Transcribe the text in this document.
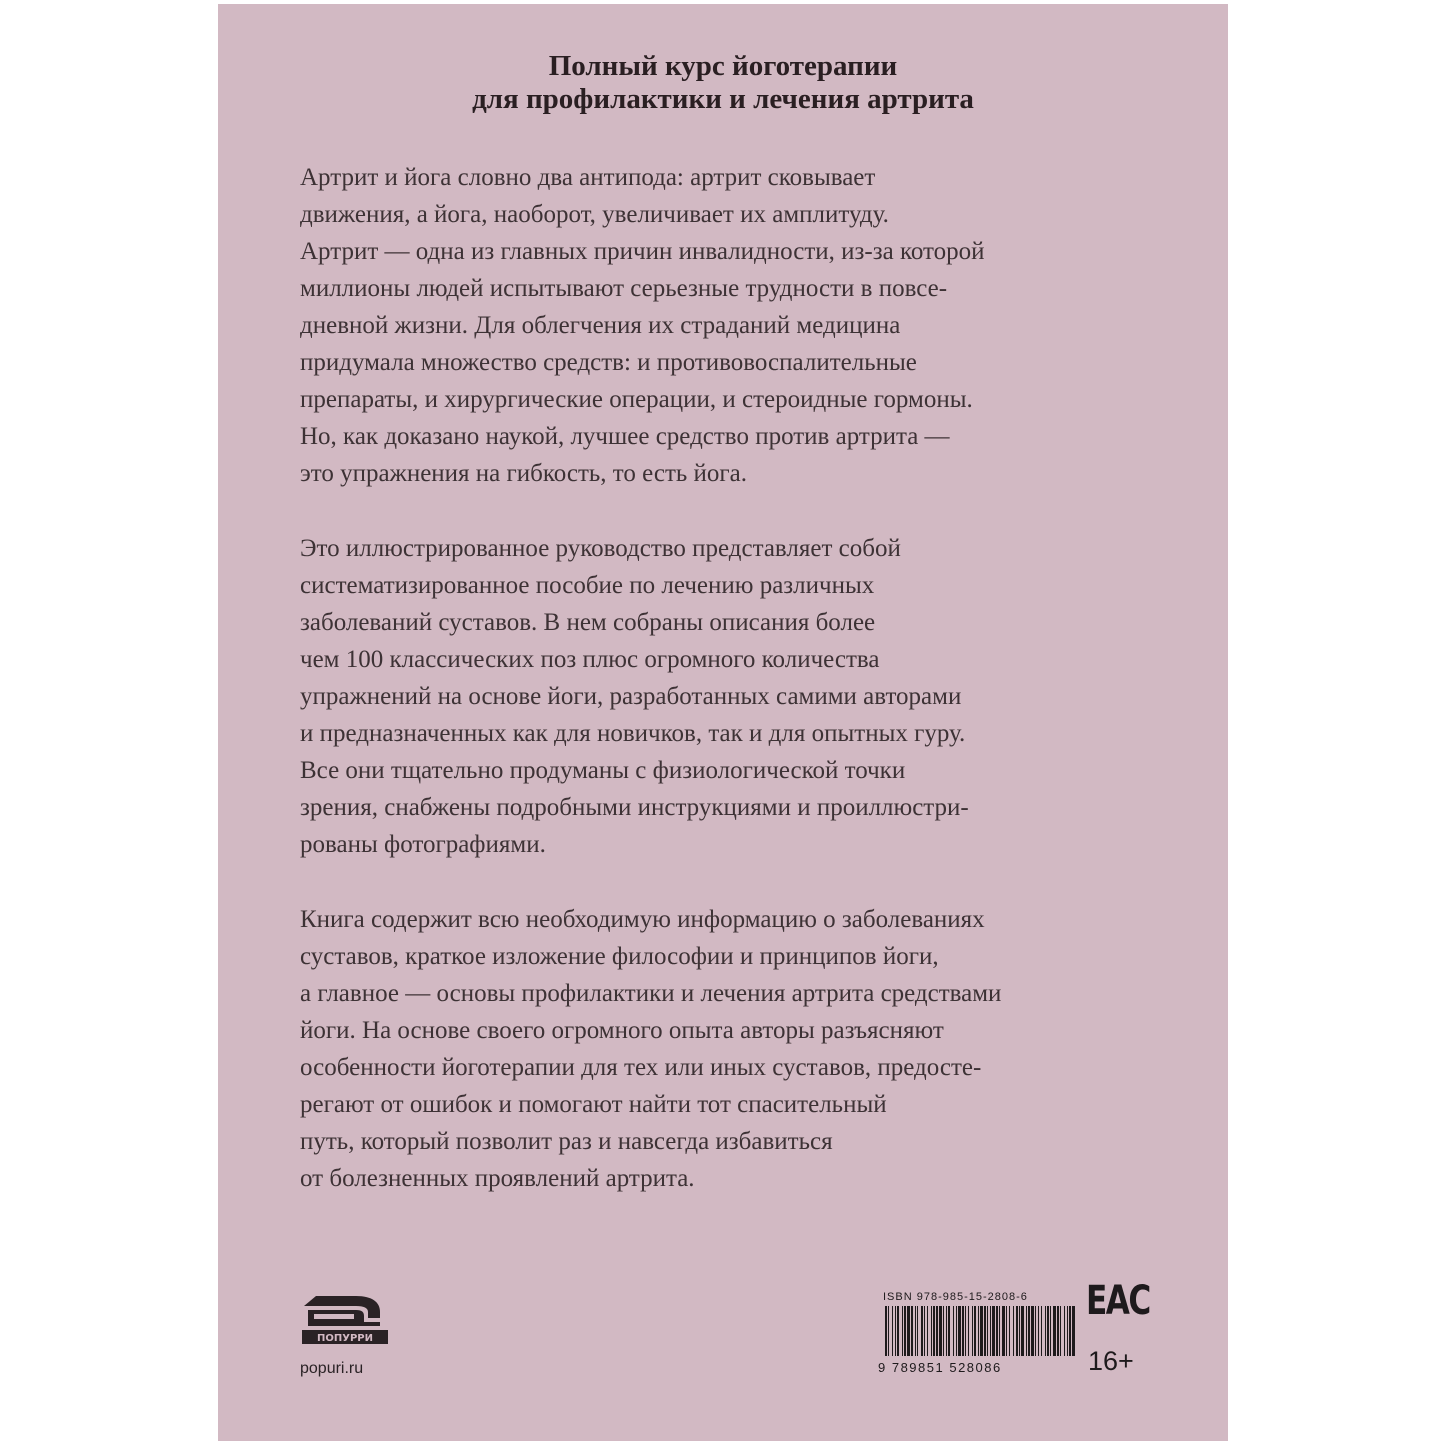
Полный курс йоготерапии
для профилактики и лечения артрита
Артрит и йога словно два антипода: артрит сковывает
движения, а йога, наоборот, увеличивает их амплитуду.
Артрит — одна из главных причин инвалидности, из-за которой
миллионы людей испытывают серьезные трудности в повсе-
дневной жизни. Для облегчения их страданий медицина
придумала множество средств: и противовоспалительные
препараты, и хирургические операции, и стероидные гормоны.
Но, как доказано наукой, лучшее средство против артрита —
это упражнения на гибкость, то есть йога.
Это иллюстрированное руководство представляет собой
систематизированное пособие по лечению различных
заболеваний суставов. В нем собраны описания более
чем 100 классических поз плюс огромного количества
упражнений на основе йоги, разработанных самими авторами
и предназначенных как для новичков, так и для опытных гуру.
Все они тщательно продуманы с физиологической точки
зрения, снабжены подробными инструкциями и проиллюстри-
рованы фотографиями.
Книга содержит всю необходимую информацию о заболеваниях
суставов, краткое изложение философии и принципов йоги,
а главное — основы профилактики и лечения артрита средствами
йоги. На основе своего огромного опыта авторы разъясняют
особенности йоготерапии для тех или иных суставов, предосте-
регают от ошибок и помогают найти тот спасительный
путь, который позволит раз и навсегда избавиться
от болезненных проявлений артрита.
ПОПУРРИ
popuri.ru
ISBN 978-985-15-2808-6
9 789851 528086
EAC
16+
